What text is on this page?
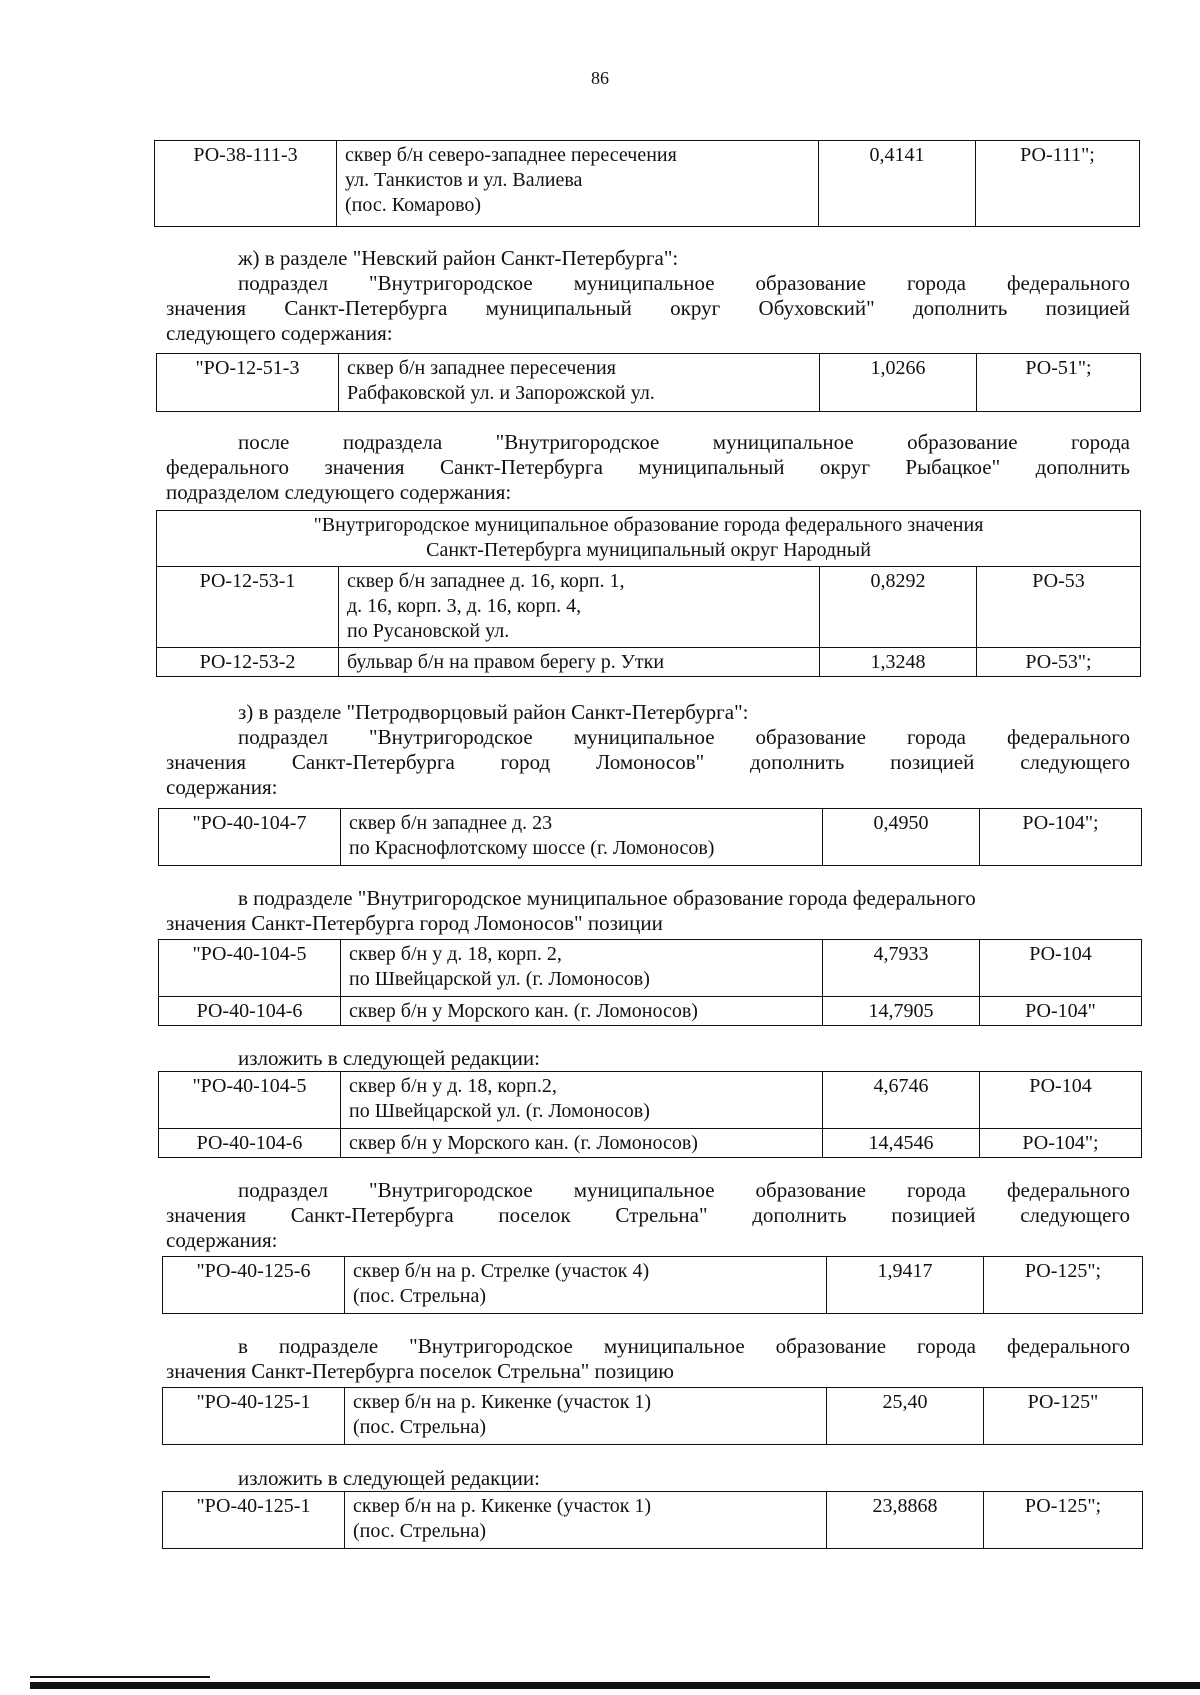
86
РО-38-111-3	сквер б/н северо-западнее пересечения
ул. Танкистов и ул. Валиева
(пос. Комарово)
	0,4141	РО-111";
ж) в разделе "Невский район Санкт-Петербурга":
подраздел "Внутригородское муниципальное образование города федерального
значения Санкт-Петербурга муниципальный округ Обуховский" дополнить позицией
следующего содержания:
"РО-12-51-3	сквер б/н западнее пересечения
Рабфаковской ул. и Запорожской ул.
	1,0266	РО-51";
после подраздела "Внутригородское муниципальное образование города
федерального значения Санкт-Петербурга муниципальный округ Рыбацкое" дополнить
подразделом следующего содержания:
"Внутригородское муниципальное образование города федерального значения
Санкт-Петербурга муниципальный округ Народный			

РО-12-53-1	сквер б/н западнее д. 16, корп. 1,
д. 16, корп. 3, д. 16, корп. 4,
по Русановской ул.	0,8292	РО-53
РО-12-53-2	бульвар б/н на правом берегу р. Утки	1,3248	РО-53";
з) в разделе "Петродворцовый район Санкт-Петербурга":
подраздел "Внутригородское муниципальное образование города федерального
значения Санкт-Петербурга город Ломоносов" дополнить позицией следующего
содержания:
"РО-40-104-7	сквер б/н западнее д. 23
по Краснофлотскому шоссе (г. Ломоносов)
	0,4950	РО-104";
в подразделе "Внутригородское муниципальное образование города федерального
значения Санкт-Петербурга город Ломоносов" позиции
"РО-40-104-5	сквер б/н у д. 18, корп. 2,
по Швейцарской ул. (г. Ломоносов)	4,7933	РО-104
РО-40-104-6	сквер б/н у Морского кан. (г. Ломоносов)	14,7905	РО-104"
изложить в следующей редакции:
"РО-40-104-5	сквер б/н у д. 18, корп.2,
по Швейцарской ул. (г. Ломоносов)	4,6746	РО-104
РО-40-104-6	сквер б/н у Морского кан. (г. Ломоносов)	14,4546	РО-104";
подраздел "Внутригородское муниципальное образование города федерального
значения Санкт-Петербурга поселок Стрельна" дополнить позицией следующего
содержания:
"РО-40-125-6	сквер б/н на р. Стрелке (участок 4)
(пос. Стрельна)
	1,9417	РО-125";
в подразделе "Внутригородское муниципальное образование города федерального
значения Санкт-Петербурга поселок Стрельна" позицию
"РО-40-125-1	сквер б/н на р. Кикенке (участок 1)
(пос. Стрельна)
	25,40	РО-125"
изложить в следующей редакции:
"РО-40-125-1	сквер б/н на р. Кикенке (участок 1)
(пос. Стрельна)
	23,8868	РО-125";
